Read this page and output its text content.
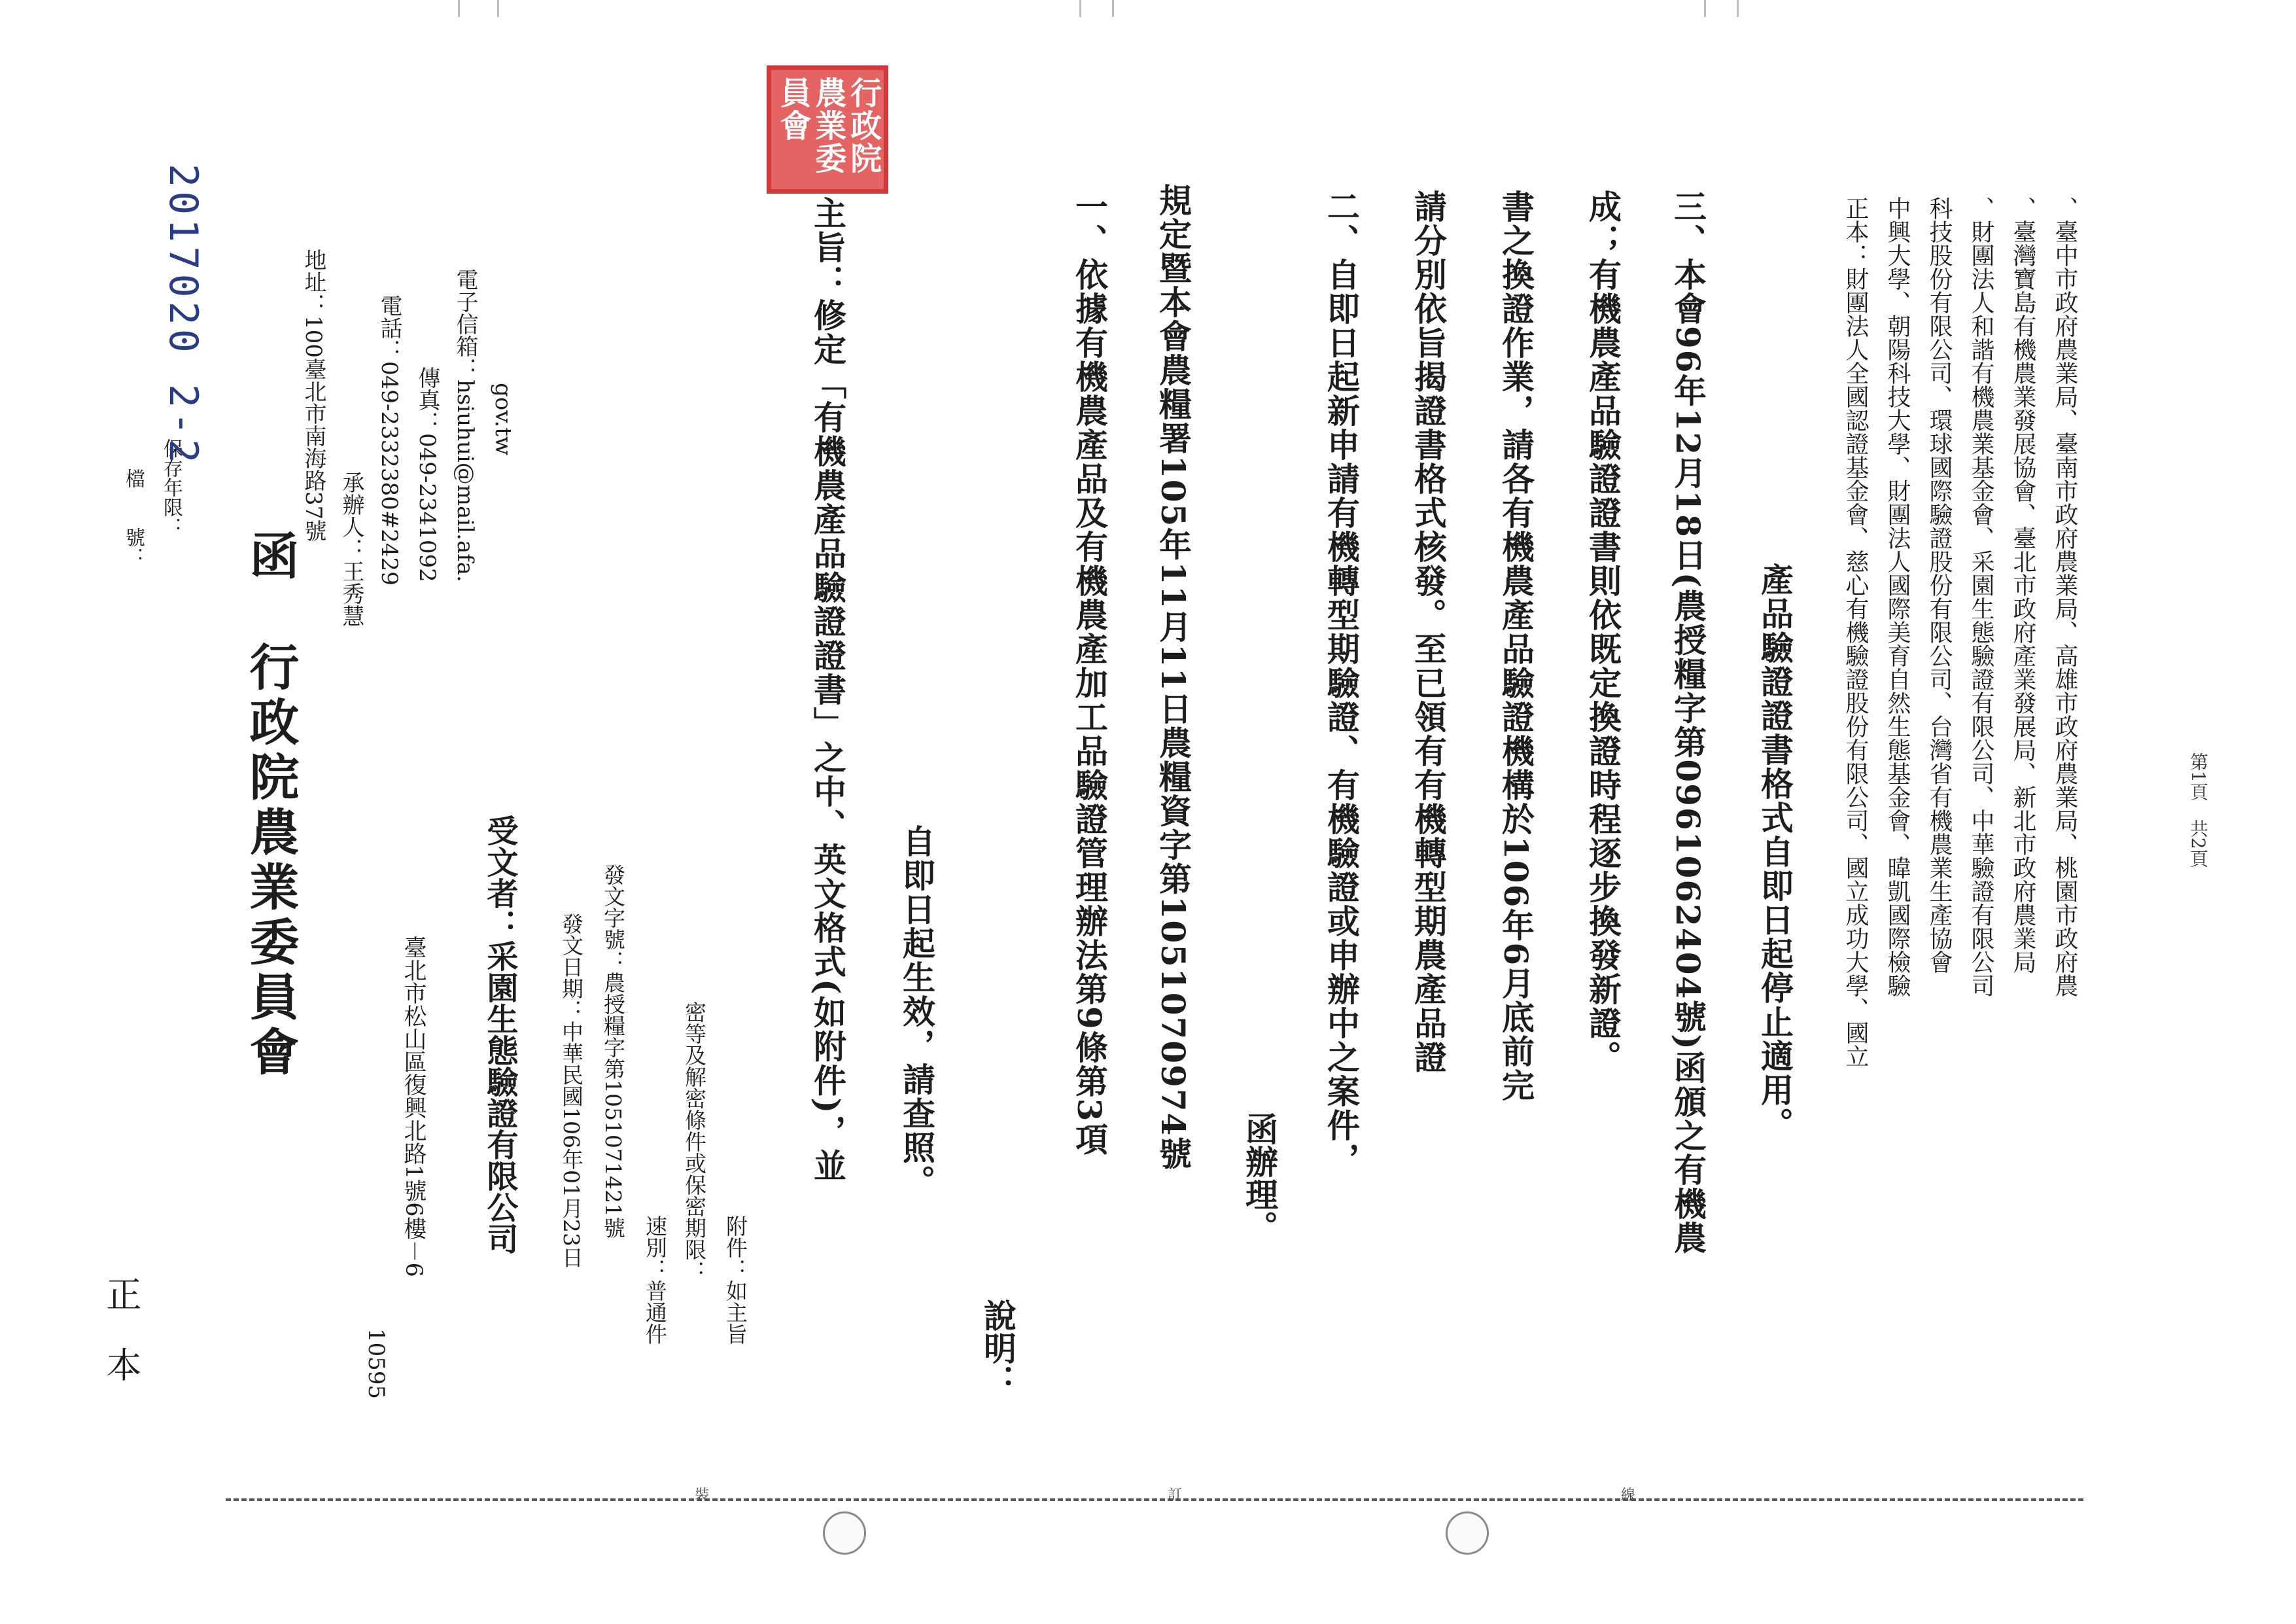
正　本	10595
臺北市松山區復興北路1號6樓－6 受文者：采園生態驗證有限公司 發文日期：中華民國106年01月23日 發文字號：農授糧字第1051071421號
速別：普通件 密等及解密條件或保密期限： 附件：如主旨
檔　　號： 保存年限：
2017020 2-2
行政院農業委員會
函
地址：100臺北市南海路37號
承辦人：王秀慧 電話：049-2332380#2429 傳真：049-2341092 電子信箱：hsiuhui@mail.afa. gov.tw
行政院農業委員會
主旨：修定「有機農產品驗證證書」之中、英文格式(如附件)，並 自即日起生效，請查照。
說明：
一、依據有機農產品及有機農產加工品驗證管理辦法第9條第3項 規定暨本會農糧署105年11月11日農糧資字第1051070974號
函辦理。
二、自即日起新申請有機轉型期驗證、有機驗證或申辦中之案件， 請分別依旨揭證書格式核發。至已領有有機轉型期農產品證 書之換證作業，請各有機農產品驗證機構於106年6月底前完 成；有機農產品驗證證書則依既定換證時程逐步換發新證。 三、本會96年12月18日(農授糧字第0961062404號)函頒之有機農 產品驗證證書格式自即日起停止適用。 正本：財團法人全國認證基金會、慈心有機驗證股份有限公司、國立成功大學、國立 中興大學、朝陽科技大學、財團法人國際美育自然生態基金會、暐凱國際檢驗 科技股份有限公司、環球國際驗證股份有限公司、台灣省有機農業生產協會 、財團法人和諧有機農業基金會、采園生態驗證有限公司、中華驗證有限公司 、臺灣寶島有機農業發展協會、臺北市政府產業發展局、新北市政府農業局 、臺中市政府農業局、臺南市政府農業局、高雄市政府農業局、桃園市政府農	第1頁　共2頁
裝	訂	線
